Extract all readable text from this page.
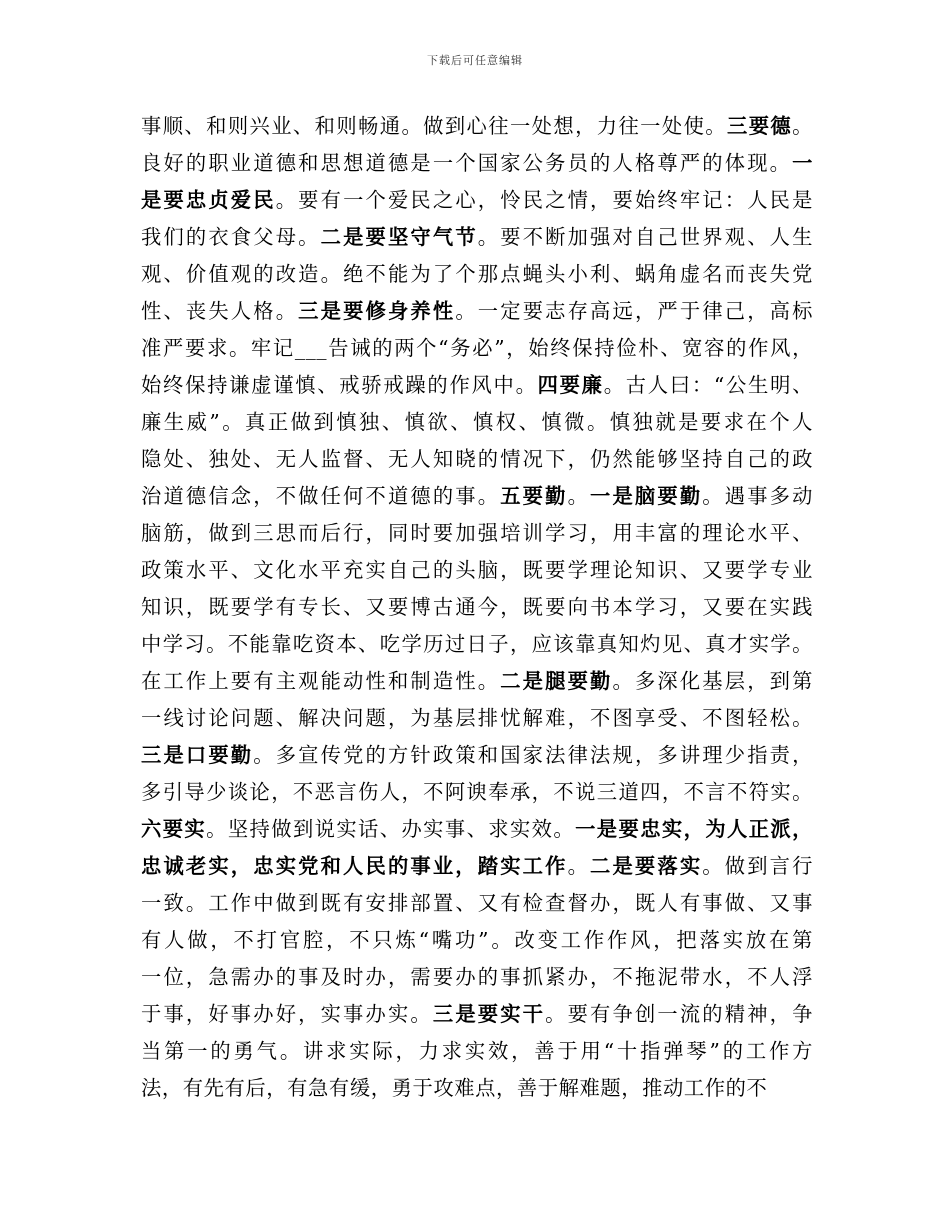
下载后可任意编辑
事顺、和则兴业、和则畅通。做到心往一处想，力往一处使。三要德。
良好的职业道德和思想道德是一个国家公务员的人格尊严的体现。一
是要忠贞爱民。要有一个爱民之心，怜民之情，要始终牢记：人民是
我们的衣食父母。二是要坚守气节。要不断加强对自己世界观、人生
观、价值观的改造。绝不能为了个那点蝇头小利、蜗角虚名而丧失党
性、丧失人格。三是要修身养性。一定要志存高远，严于律己，高标
准严要求。牢记___告诫的两个“务必”，始终保持俭朴、宽容的作风，
始终保持谦虚谨慎、戒骄戒躁的作风中。四要廉。古人曰：“公生明、
廉生威”。真正做到慎独、慎欲、慎权、慎微。慎独就是要求在个人
隐处、独处、无人监督、无人知晓的情况下，仍然能够坚持自己的政
治道德信念，不做任何不道德的事。五要勤。一是脑要勤。遇事多动
脑筋，做到三思而后行，同时要加强培训学习，用丰富的理论水平、
政策水平、文化水平充实自己的头脑，既要学理论知识、又要学专业
知识，既要学有专长、又要博古通今，既要向书本学习，又要在实践
中学习。不能靠吃资本、吃学历过日子，应该靠真知灼见、真才实学。
在工作上要有主观能动性和制造性。二是腿要勤。多深化基层，到第
一线讨论问题、解决问题，为基层排忧解难，不图享受、不图轻松。
三是口要勤。多宣传党的方针政策和国家法律法规，多讲理少指责，
多引导少谈论，不恶言伤人，不阿谀奉承，不说三道四，不言不符实。
六要实。坚持做到说实话、办实事、求实效。一是要忠实，为人正派，
忠诚老实，忠实党和人民的事业，踏实工作。二是要落实。做到言行
一致。工作中做到既有安排部置、又有检查督办，既人有事做、又事
有人做，不打官腔，不只炼“嘴功”。改变工作作风，把落实放在第
一位，急需办的事及时办，需要办的事抓紧办，不拖泥带水，不人浮
于事，好事办好，实事办实。三是要实干。要有争创一流的精神，争
当第一的勇气。讲求实际，力求实效，善于用“十指弹琴”的工作方
法，有先有后，有急有缓，勇于攻难点，善于解难题，推动工作的不
